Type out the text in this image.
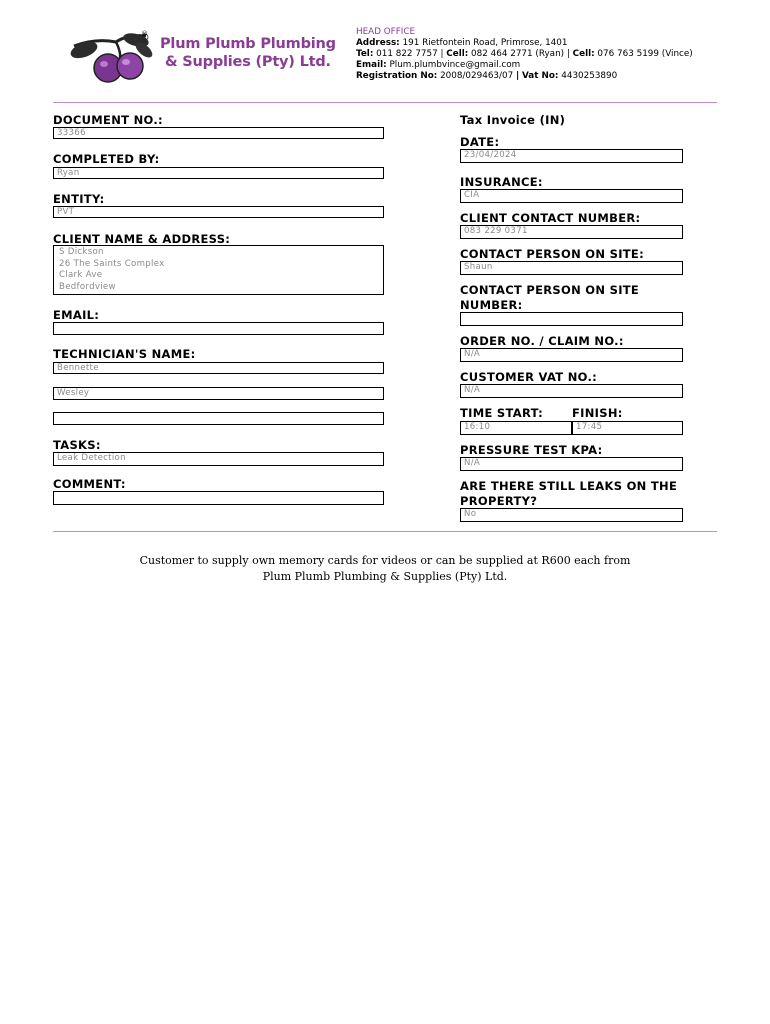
®
Plum Plumb Plumbing
& Supplies (Pty) Ltd.
HEAD OFFICE
Address: 191 Rietfontein Road, Primrose, 1401
Tel: 011 822 7757 | Cell: 082 464 2771 (Ryan) | Cell: 076 763 5199 (Vince)
Email: Plum.plumbvince@gmail.com
Registration No: 2008/029463/07 | Vat No: 4430253890
DOCUMENT NO.:
33366
COMPLETED BY:
Ryan
ENTITY:
PVT
CLIENT NAME & ADDRESS:
S Dickson
26 The Saints Complex
Clark Ave
Bedfordview
EMAIL:
TECHNICIAN'S NAME:
Bennette
Wesley
TASKS:
Leak Detection
COMMENT:
Tax Invoice (IN)
DATE:
23/04/2024
INSURANCE:
CIA
CLIENT CONTACT NUMBER:
083 229 0371
CONTACT PERSON ON SITE:
Shaun
CONTACT PERSON ON SITE NUMBER:
ORDER NO. / CLAIM NO.:
N/A
CUSTOMER VAT NO.:
N/A
TIME START:	FINISH:
16:10	17:45
PRESSURE TEST KPA:
N/A
ARE THERE STILL LEAKS ON THE PROPERTY?
No
Customer to supply own memory cards for videos or can be supplied at R600 each from
Plum Plumb Plumbing & Supplies (Pty) Ltd.
